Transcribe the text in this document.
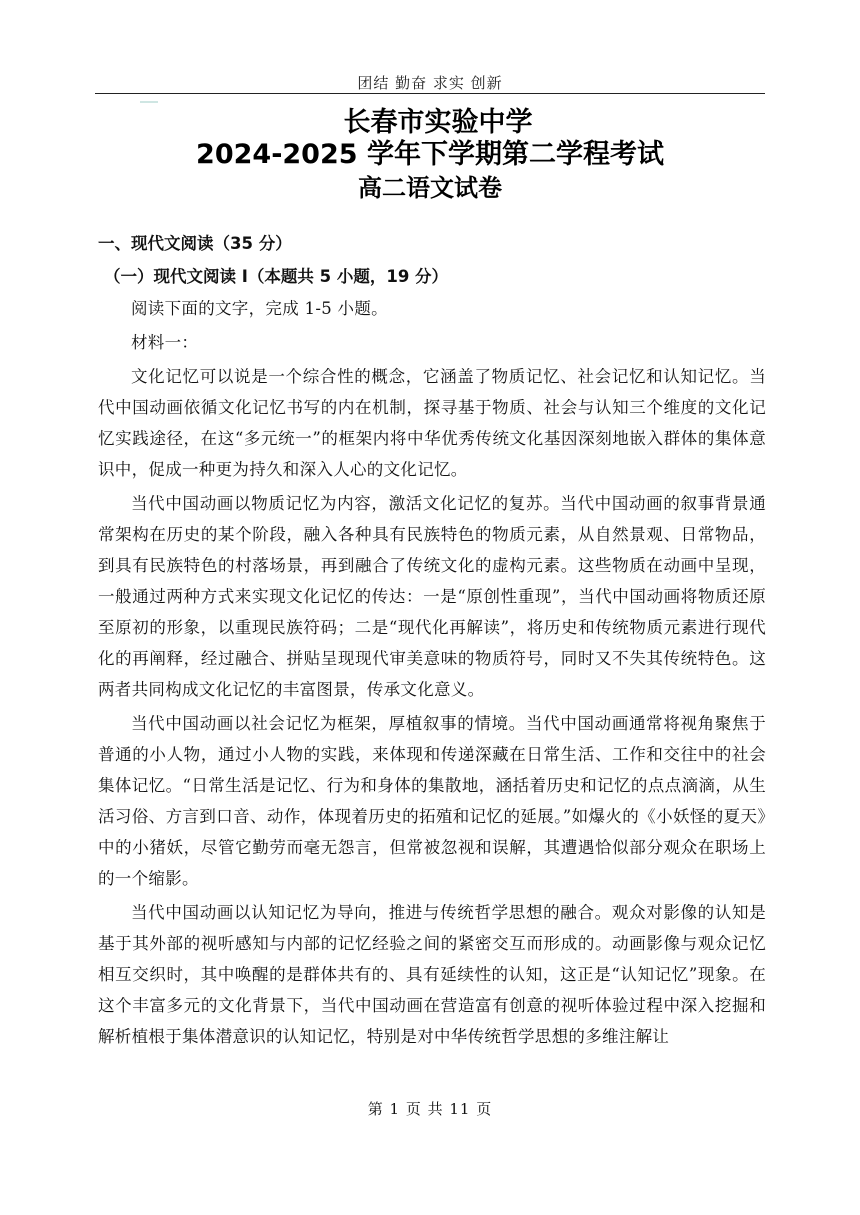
团结 勤奋 求实 创新
长春市实验中学
2024-2025 学年下学期第二学程考试
高二语文试卷

一、现代文阅读（35 分）

（一）现代文阅读 I（本题共 5 小题，19 分）

阅读下面的文字，完成 1-5 小题。

材料一：

文化记忆可以说是一个综合性的概念，它涵盖了物质记忆、社会记忆和认知记忆。当代中国动画依循文化记忆书写的内在机制，探寻基于物质、社会与认知三个维度的文化记忆实践途径，在这“多元统一”的框架内将中华优秀传统文化基因深刻地嵌入群体的集体意识中，促成一种更为持久和深入人心的文化记忆。

当代中国动画以物质记忆为内容，激活文化记忆的复苏。当代中国动画的叙事背景通常架构在历史的某个阶段，融入各种具有民族特色的物质元素，从自然景观、日常物品，到具有民族特色的村落场景，再到融合了传统文化的虚构元素。这些物质在动画中呈现，一般通过两种方式来实现文化记忆的传达：一是“原创性重现”，当代中国动画将物质还原至原初的形象，以重现民族符码；二是“现代化再解读”，将历史和传统物质元素进行现代化的再阐释，经过融合、拼贴呈现现代审美意味的物质符号，同时又不失其传统特色。这两者共同构成文化记忆的丰富图景，传承文化意义。

当代中国动画以社会记忆为框架，厚植叙事的情境。当代中国动画通常将视角聚焦于普通的小人物，通过小人物的实践，来体现和传递深藏在日常生活、工作和交往中的社会集体记忆。“日常生活是记忆、行为和身体的集散地，涵括着历史和记忆的点点滴滴，从生活习俗、方言到口音、动作，体现着历史的拓殖和记忆的延展。”如爆火的《小妖怪的夏天》中的小猪妖，尽管它勤劳而毫无怨言，但常被忽视和误解，其遭遇恰似部分观众在职场上的一个缩影。

当代中国动画以认知记忆为导向，推进与传统哲学思想的融合。观众对影像的认知是基于其外部的视听感知与内部的记忆经验之间的紧密交互而形成的。动画影像与观众记忆相互交织时，其中唤醒的是群体共有的、具有延续性的认知，这正是“认知记忆”现象。在这个丰富多元的文化背景下，当代中国动画在营造富有创意的视听体验过程中深入挖掘和解析植根于集体潜意识的认知记忆，特别是对中华传统哲学思想的多维注解让

第 1 页 共 11 页
